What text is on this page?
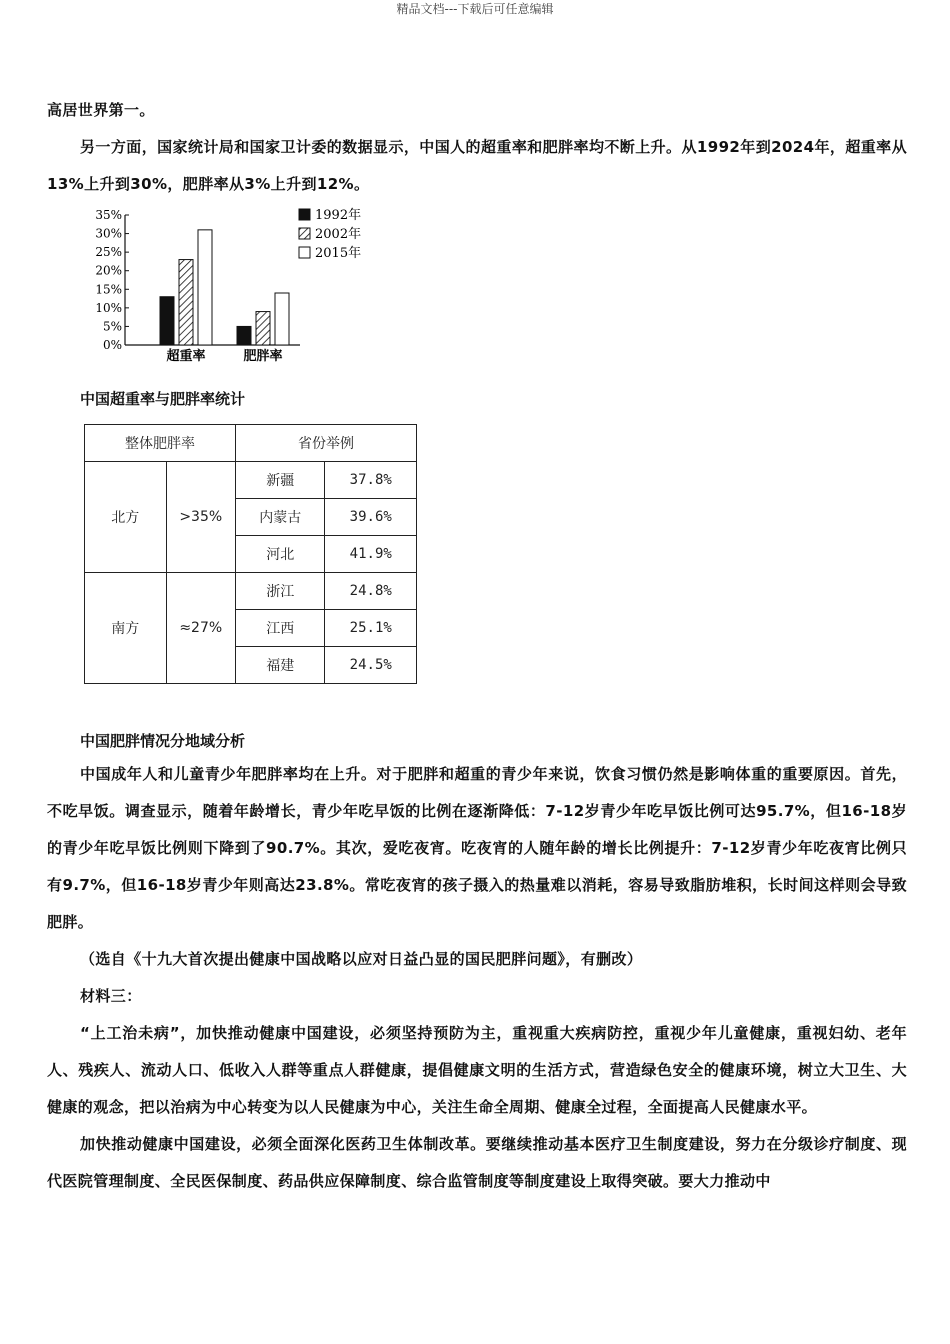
精品文档---下载后可任意编辑

高居世界第一。

另一方面，国家统计局和国家卫计委的数据显示，中国人的超重率和肥胖率均不断上升。从1992年到2024年，超重率从13%上升到30%，肥胖率从3%上升到12%。

0%
5%
10%
15%
20%
25%
30%
35%
超重率	肥胖率
1992年
2002年
2015年
中国超重率与肥胖率统计
整体肥胖率		省份举例	
北方	>35%	新疆	37.8%
		内蒙古	39.6%
		河北	41.9%
南方	≈27%	浙江	24.8%
		江西	25.1%
		福建	24.5%
中国肥胖情况分地域分析

中国成年人和儿童青少年肥胖率均在上升。对于肥胖和超重的青少年来说，饮食习惯仍然是影响体重的重要原因。首先，不吃早饭。调查显示，随着年龄增长，青少年吃早饭的比例在逐渐降低：7-12岁青少年吃早饭比例可达95.7%，但16-18岁的青少年吃早饭比例则下降到了90.7%。其次，爱吃夜宵。吃夜宵的人随年龄的增长比例提升：7-12岁青少年吃夜宵比例只有9.7%，但16-18岁青少年则高达23.8%。常吃夜宵的孩子摄入的热量难以消耗，容易导致脂肪堆积，长时间这样则会导致肥胖。

（选自《十九大首次提出健康中国战略以应对日益凸显的国民肥胖问题》，有删改）

材料三：

“上工治未病”，加快推动健康中国建设，必须坚持预防为主，重视重大疾病防控，重视少年儿童健康，重视妇幼、老年人、残疾人、流动人口、低收入人群等重点人群健康，提倡健康文明的生活方式，营造绿色安全的健康环境，树立大卫生、大健康的观念，把以治病为中心转变为以人民健康为中心，关注生命全周期、健康全过程，全面提高人民健康水平。

加快推动健康中国建设，必须全面深化医药卫生体制改革。要继续推动基本医疗卫生制度建设，努力在分级诊疗制度、现代医院管理制度、全民医保制度、药品供应保障制度、综合监管制度等制度建设上取得突破。要大力推动中
